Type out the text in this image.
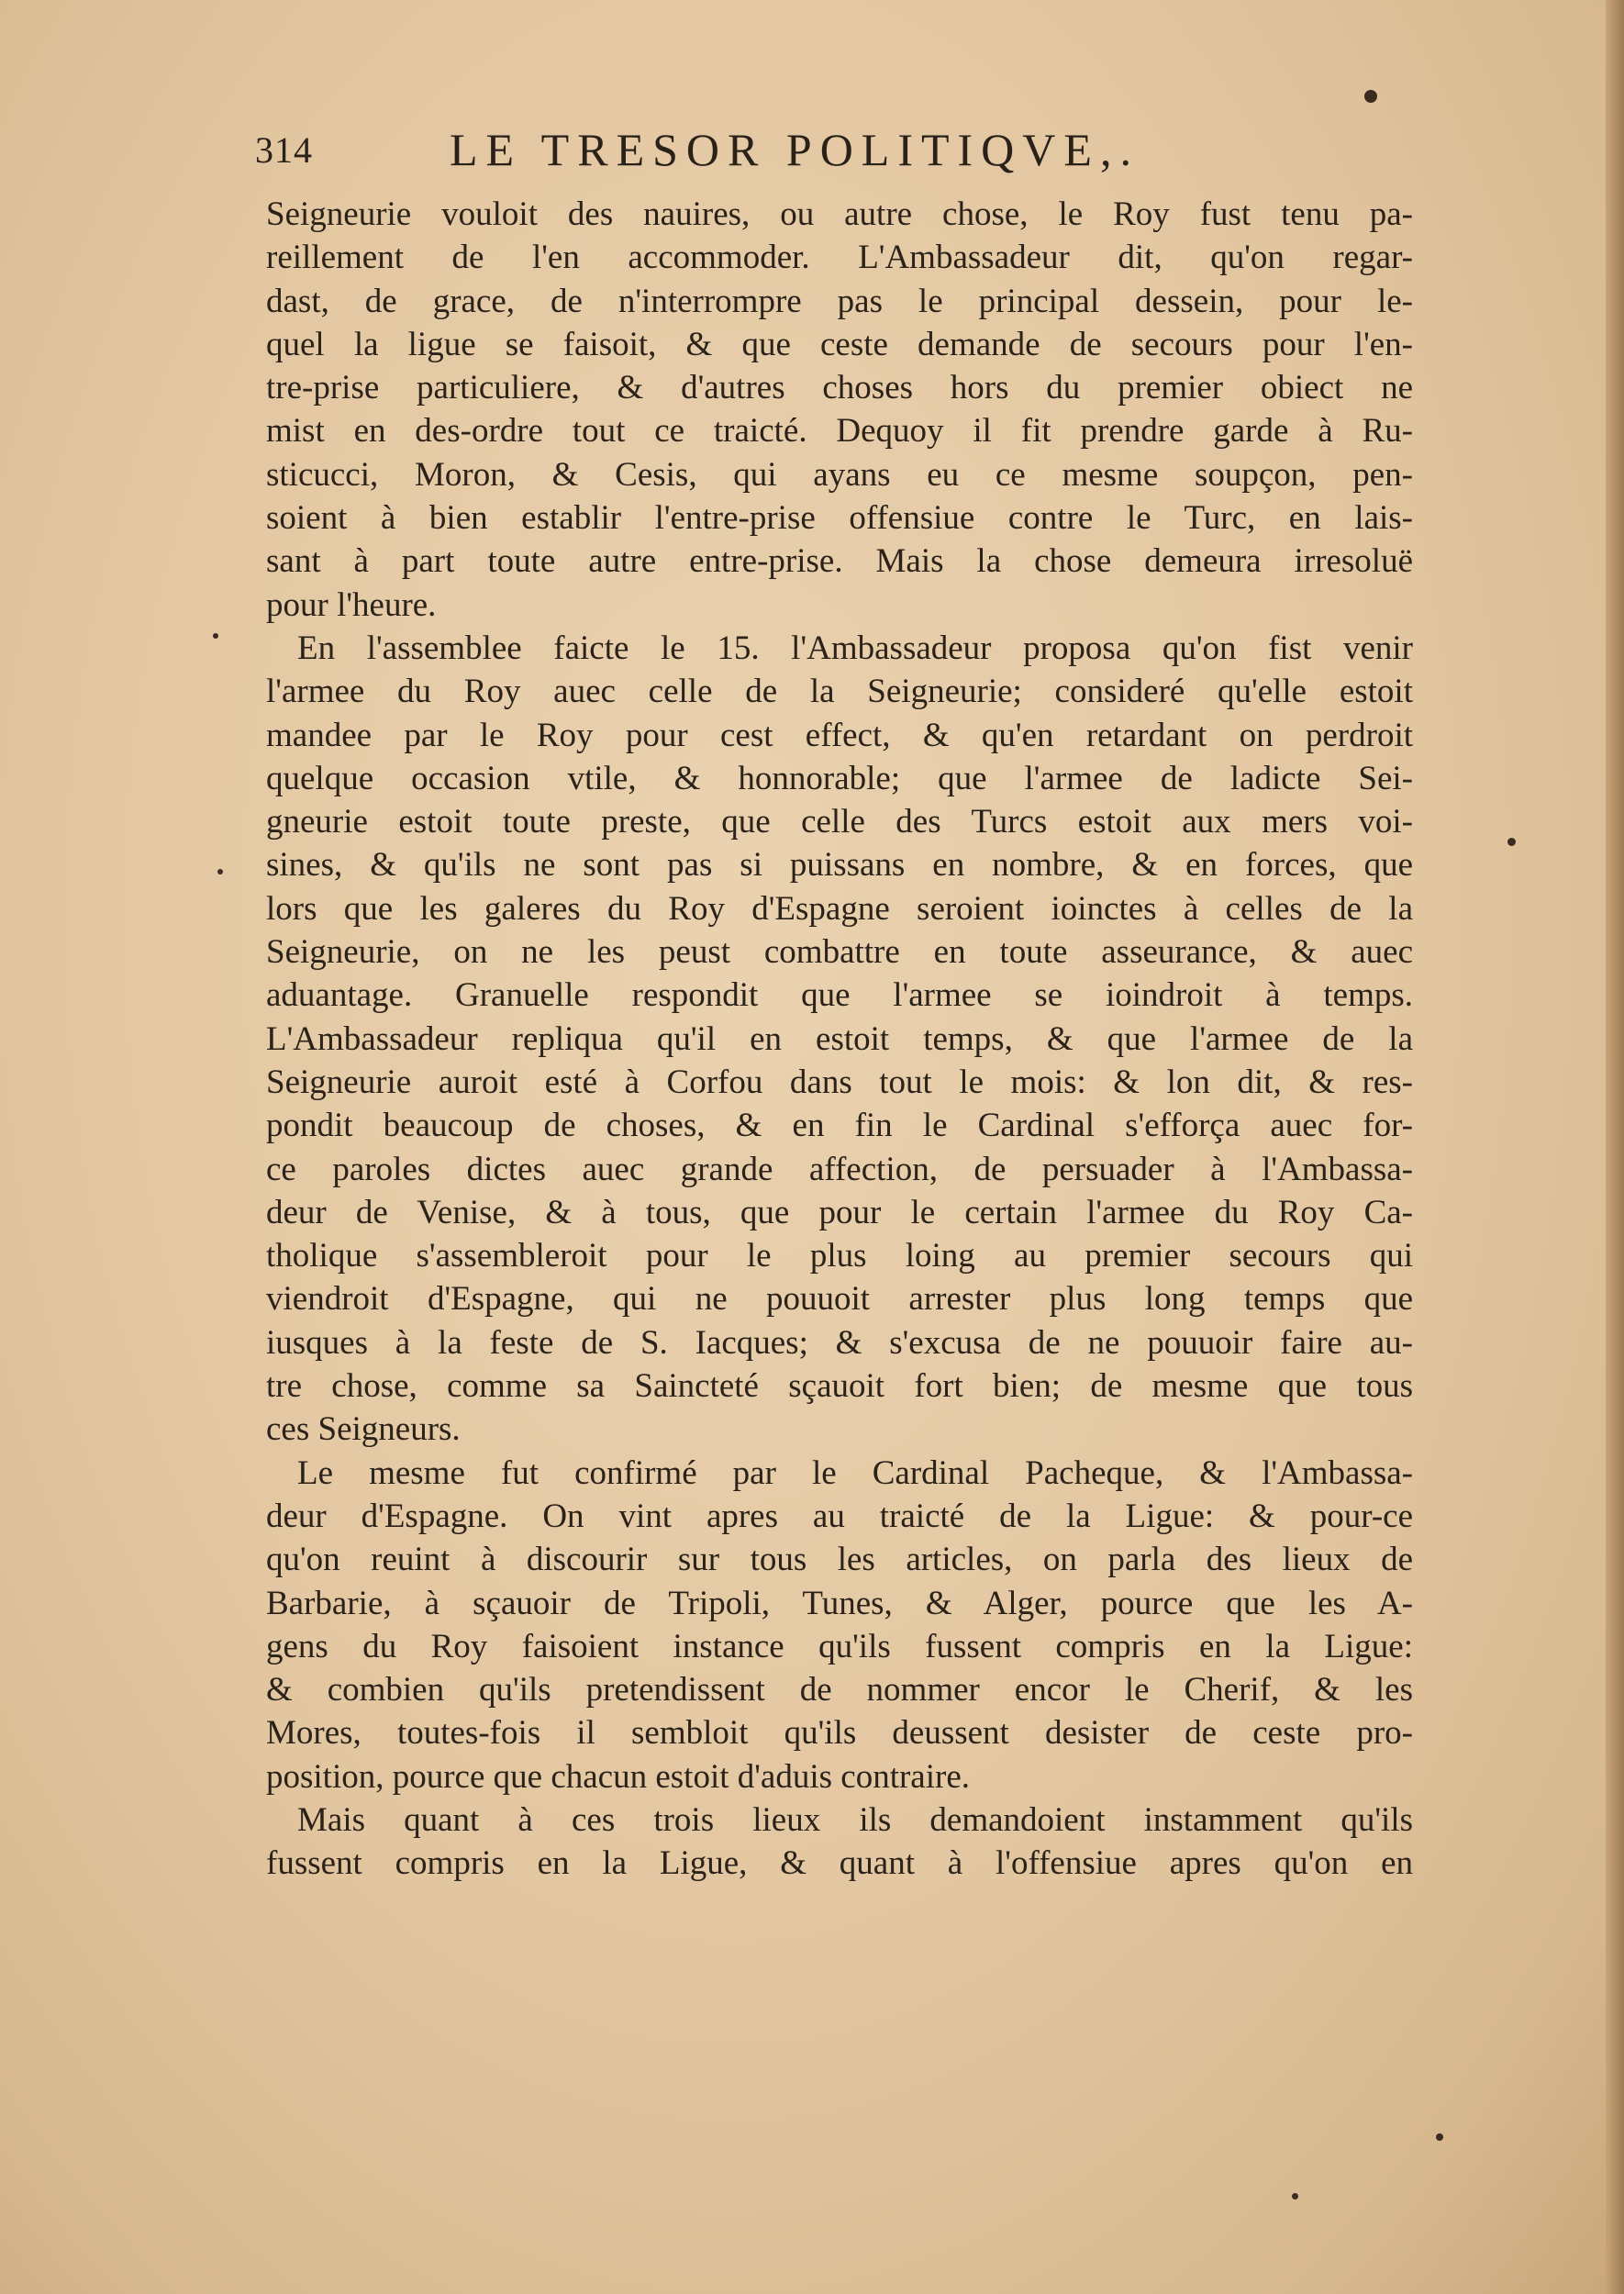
314	LE TRESOR POLITIQVE,.
Seigneurie vouloit des nauires, ou autre chose, le Roy fust tenu pa-
reillement de l'en accommoder. L'Ambassadeur dit, qu'on regar-
dast, de grace, de n'interrompre pas le principal dessein, pour le-
quel la ligue se faisoit, & que ceste demande de secours pour l'en-
tre-prise particuliere, & d'autres choses hors du premier obiect ne
mist en des-ordre tout ce traicté. Dequoy il fit prendre garde à Ru-
sticucci, Moron, & Cesis, qui ayans eu ce mesme soupçon, pen-
soient à bien establir l'entre-prise offensiue contre le Turc, en lais-
sant à part toute autre entre-prise. Mais la chose demeura irresoluë
pour l'heure.
En l'assemblee faicte le 15. l'Ambassadeur proposa qu'on fist venir
l'armee du Roy auec celle de la Seigneurie; consideré qu'elle estoit
mandee par le Roy pour cest effect, & qu'en retardant on perdroit
quelque occasion vtile, & honnorable; que l'armee de ladicte Sei-
gneurie estoit toute preste, que celle des Turcs estoit aux mers voi-
sines, & qu'ils ne sont pas si puissans en nombre, & en forces, que
lors que les galeres du Roy d'Espagne seroient ioinctes à celles de la
Seigneurie, on ne les peust combattre en toute asseurance, & auec
aduantage. Granuelle respondit que l'armee se ioindroit à temps.
L'Ambassadeur repliqua qu'il en estoit temps, & que l'armee de la
Seigneurie auroit esté à Corfou dans tout le mois: & lon dit, & res-
pondit beaucoup de choses, & en fin le Cardinal s'efforça auec for-
ce paroles dictes auec grande affection, de persuader à l'Ambassa-
deur de Venise, & à tous, que pour le certain l'armee du Roy Ca-
tholique s'assembleroit pour le plus loing au premier secours qui
viendroit d'Espagne, qui ne pouuoit arrester plus long temps que
iusques à la feste de S. Iacques; & s'excusa de ne pouuoir faire au-
tre chose, comme sa Saincteté sçauoit fort bien; de mesme que tous
ces Seigneurs.
Le mesme fut confirmé par le Cardinal Pacheque, & l'Ambassa-
deur d'Espagne. On vint apres au traicté de la Ligue: & pour-ce
qu'on reuint à discourir sur tous les articles, on parla des lieux de
Barbarie, à sçauoir de Tripoli, Tunes, & Alger, pource que les A-
gens du Roy faisoient instance qu'ils fussent compris en la Ligue:
& combien qu'ils pretendissent de nommer encor le Cherif, & les
Mores, toutes-fois il sembloit qu'ils deussent desister de ceste pro-
position, pource que chacun estoit d'aduis contraire.
Mais quant à ces trois lieux ils demandoient instamment qu'ils
fussent compris en la Ligue, & quant à l'offensiue apres qu'on en
